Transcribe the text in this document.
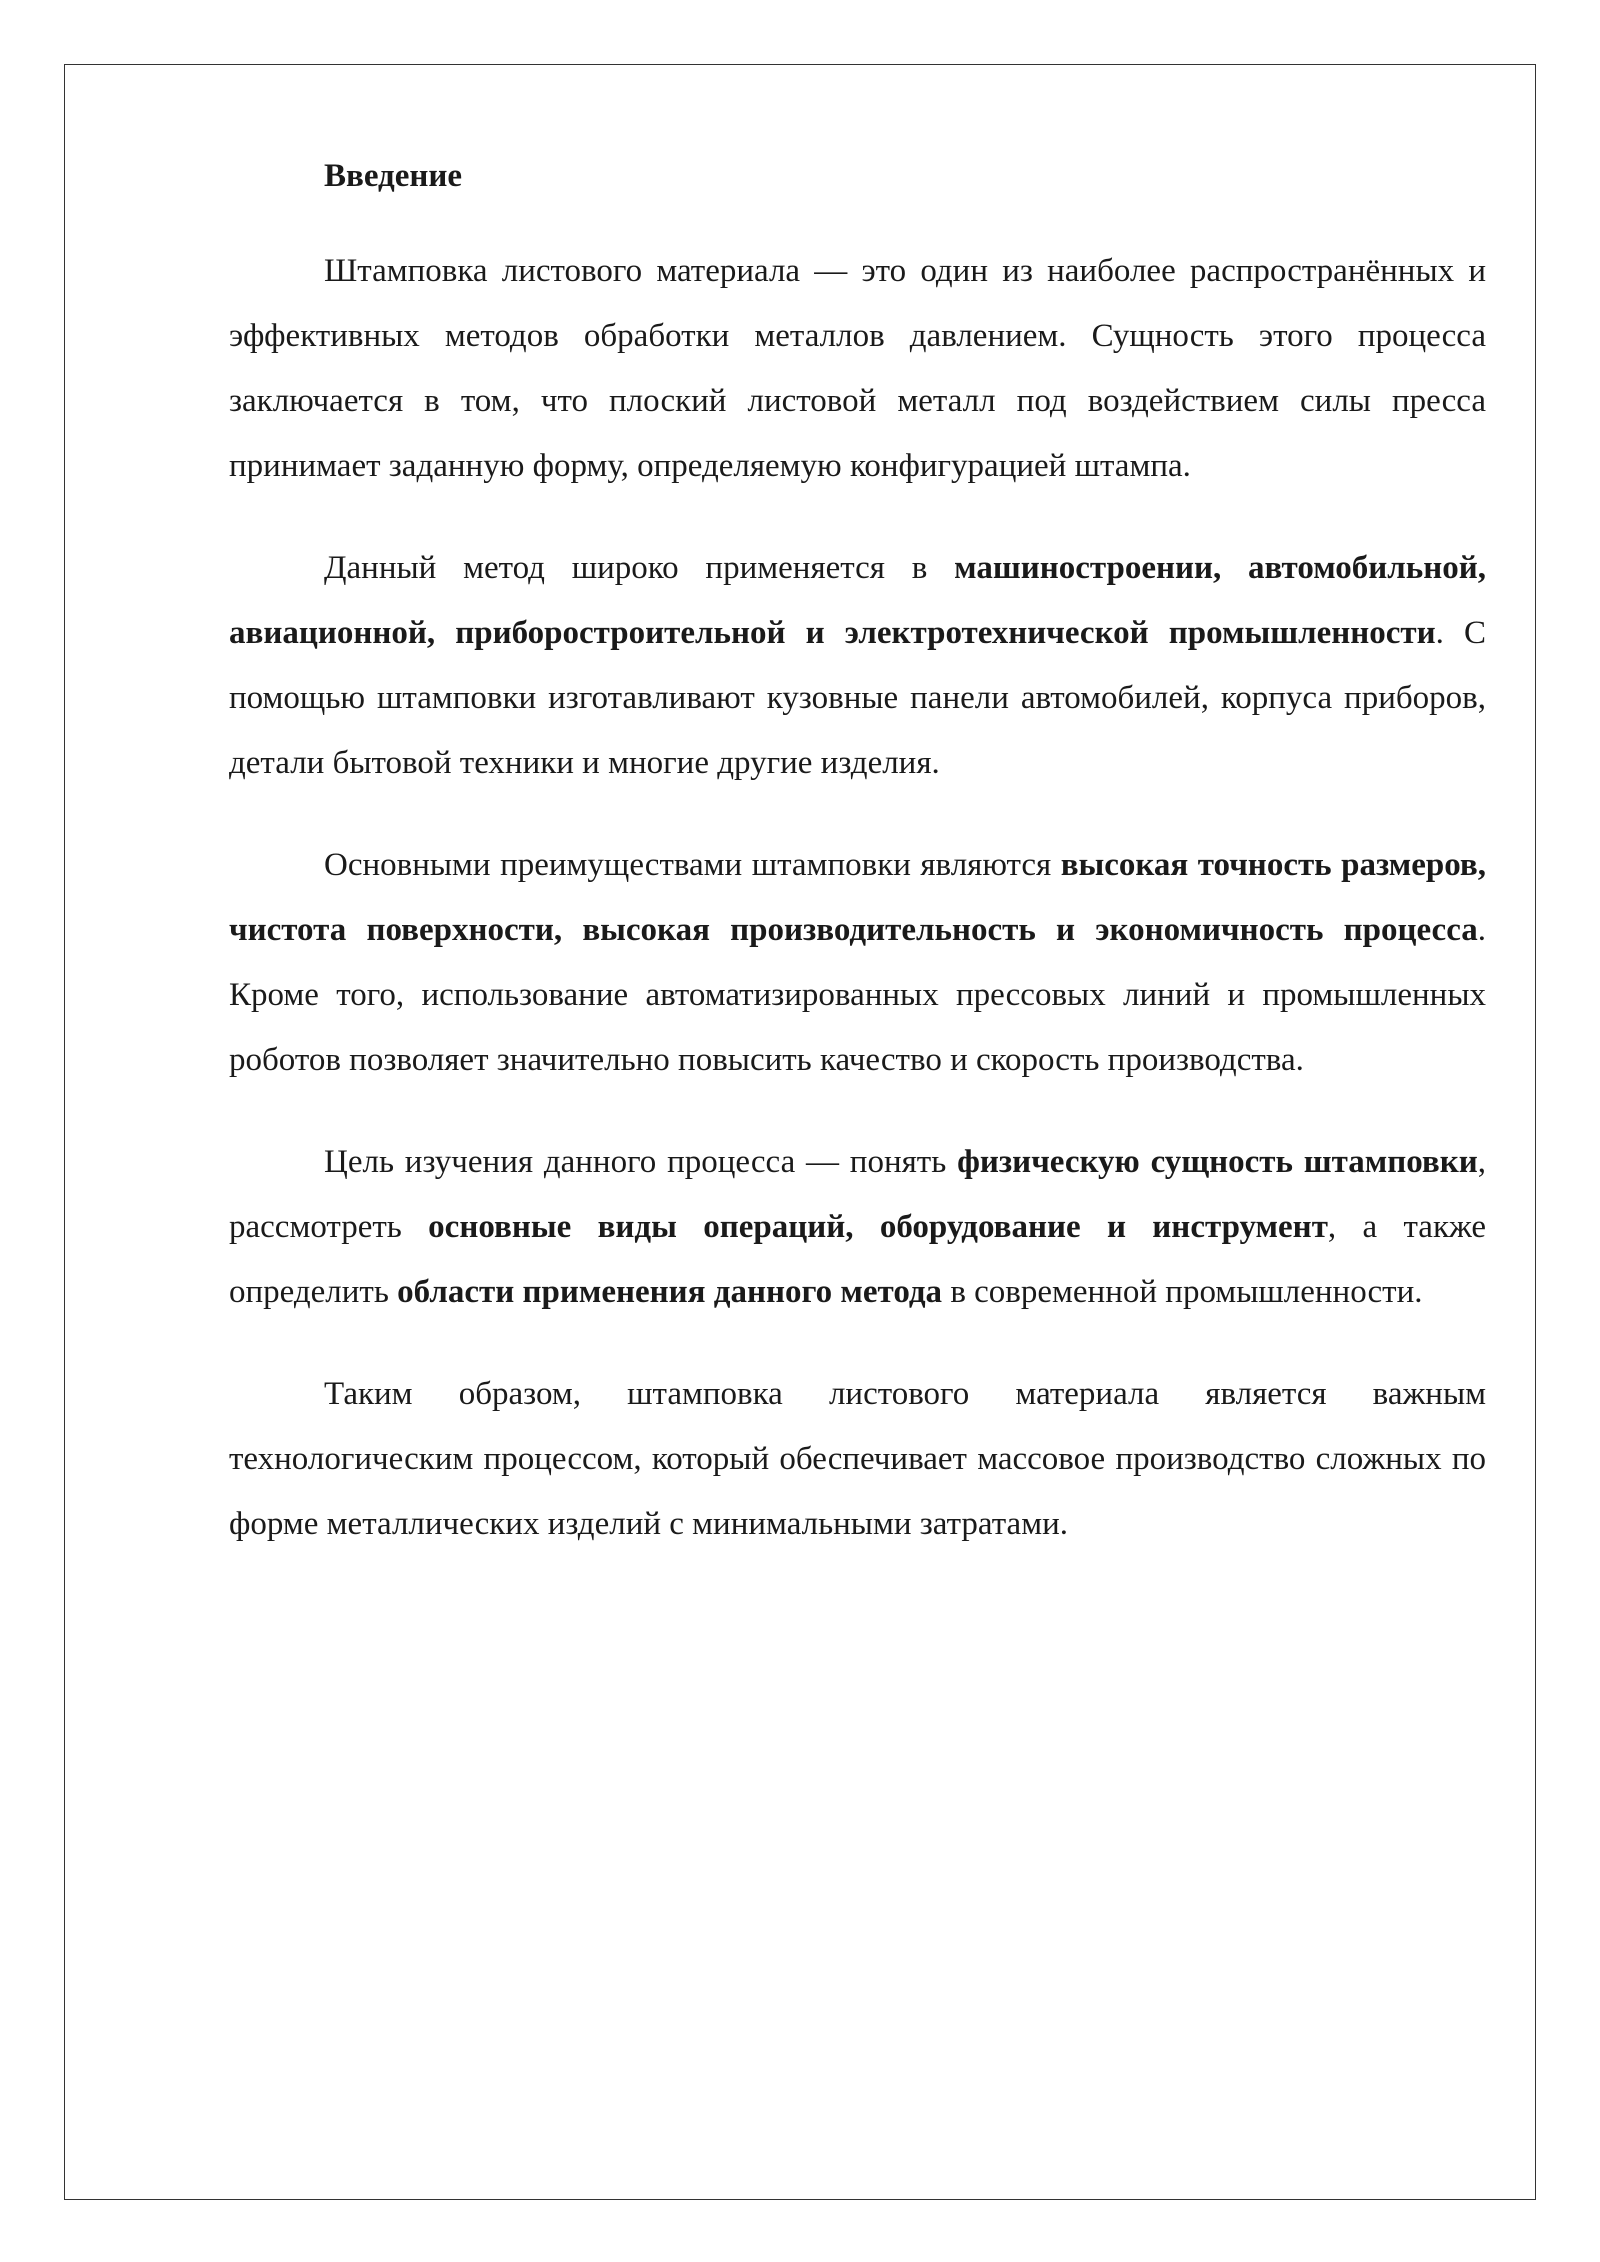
Введение

Штамповка листового материала — это один из наиболее распространённых и эффективных методов обработки металлов давлением. Сущность этого процесса заключается в том, что плоский листовой металл под воздействием силы пресса принимает заданную форму, определяемую конфигурацией штампа.

Данный метод широко применяется в машиностроении, автомобильной, авиационной, приборостроительной и электротехнической промышленности. С помощью штамповки изготавливают кузовные панели автомобилей, корпуса приборов, детали бытовой техники и многие другие изделия.

Основными преимуществами штамповки являются высокая точность размеров, чистота поверхности, высокая производительность и экономичность процесса. Кроме того, использование автоматизированных прессовых линий и промышленных роботов позволяет значительно повысить качество и скорость производства.

Цель изучения данного процесса — понять физическую сущность штамповки, рассмотреть основные виды операций, оборудование и инструмент, а также определить области применения данного метода в современной промышленности.

Таким образом, штамповка листового материала является важным технологическим процессом, который обеспечивает массовое производство сложных по форме металлических изделий с минимальными затратами.
